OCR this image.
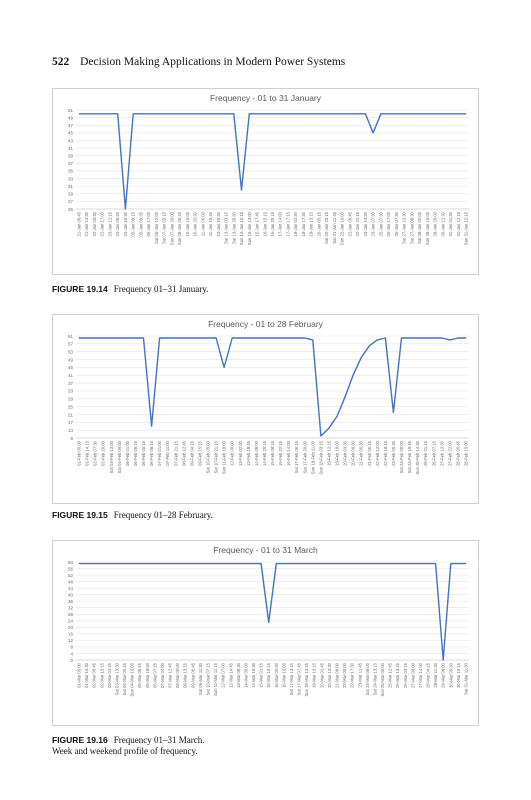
522 Decision Making Applications in Modern Power Systems
Frequency - 01 to 31 January
25
27
29
31
33
35
37
39
41
43
45
47
49
51
21-Jan 06:45 21-Jan 14:30 22-Jan 03:30 22-Jan 17:00 23-Jan 12:15 24-Jan 06:45 24-Jan 16:30 05-Jan 09:15 05-Jan 09:35 06-Jan 17:00 Sat 06-Jan 12:00 Sat 07-Jan 05:15 Sun 07-Jan 20:00 Sun 08-Jan 05:45 10-Jan 10:00 10-Jan 20:30 11-Jan 06:00 11-Jan 16:45 12-Jan 10:30 Sat 13-Jan 03:15 Sat 13-Jan 20:30 Sun 14-Jan 15:15 Sun 15-Jan 13:00 15-Jan 17:45 16-Jan 15:15 16-Jan 20:15 17-Jan 14:00 17-Jan 17:15 18-Jan 02:30 18-Jan 17:30 19-Jan 13:15 20-Jan 05:15 Sat 20-Jan 20:15 Sat 21-Jan 11:45 Sun 22-Jan 19:00 22-Jan 09:45 22-Jan 22:15 23-Jan 14:30 23-Jan 07:30 25-Jan 07:30 25-Jan 17:00 26-Jan 07:30 Sat 27-Jan 13:30 Sat 27-Jan 08:30 Sat 28-Jan 00:00 Sun 28-Jan 10:00 29-Jan 20:00 30-Jan 12:30 31-Jan 01:30 31-Jan 12:15 Sun 31-Jan 12:15
FIGURE 19.14 Frequency 01–31 January.
Frequency - 01 to 28 February
9
13
17
21
25
29
33
37
41
45
49
53
57
61
01-Feb 00:00 01-Feb 14:15 02-Feb 07:30 02-Feb 20:00 Sat 03-Feb 13:00 Sat 04-Feb 09:00 05-Feb 01:00 05-Feb 09:15 06-Feb 00:15 06-Feb 08:15 07-Feb 01:00 07-Feb 11:00 07-Feb 21:15 08-Feb 12:45 09-Feb 04:15 09-Feb 15:15 Sat 10-Feb 05:00 Sat 10-Feb 21:15 Sun 11-Feb 18:00 12-Feb 00:00 13-Feb 02:30 13-Feb 18:45 14-Feb 09:00 14-Feb 20:15 15-Feb 08:15 15-Feb 22:15 16-Feb 14:00 Sat 17-Feb 06:15 Sat 17-Feb 20:00 Sun 18-Feb 11:00 Sun 18-Feb 03:15 19-Feb 12:15 19-Feb 19:00 20-Feb 03:30 20-Feb 09:30 21-Feb 00:30 21-Feb 06:15 22-Feb 12:00 22-Feb 18:15 23-Feb 05:30 Sat 24-Feb 00:00 Sat 24-Feb 19:45 Sun 25-Feb 14:30 26-Feb 01:15 26-Feb 07:15 27-Feb 12:30 27-Feb 22:00 28-Feb 05:45 28-Feb 15:00
FIGURE 19.15 Frequency 01–28 February.
Frequency - 01 to 31 March
0
4
8
12
16
20
24
28
32
36
40
44
48
52
56
60
01-Mar 05:00 01-Mar 14:30 02-Mar 00:45 02-Mar 13:15 03-Mar 04:45 Sat 03-Mar 13:30 Sat 04-Mar 00:15 Sun 04-Mar 10:00 05-Mar 08:15 05-Mar 18:00 06-Mar 07:15 07-Mar 04:00 07-Mar 12:45 08-Mar 00:00 08-Mar 13:15 09-Mar 06:45 Sat 09-Mar 11:30 Sat 10-Mar 07:15 Sun 11-Mar 11:15 12-Mar 07:00 12-Mar 14:45 13-Mar 08:30 14-Mar 00:00 14-Mar 16:30 15-Mar 01:15 15-Mar 10:15 16-Mar 00:00 16-Mar 10:00 Sat 17-Mar 13:15 Sat 17-Mar 07:45 Sun 18-Mar 12:15 19-Mar 13:15 20-Mar 01:45 20-Mar 13:30 21-Mar 06:00 22-Mar 00:00 22-Mar 17:30 23-Mar 11:45 Sat 24-Mar 08:00 Sat 24-Mar 13:15 Sun 25-Mar 00:00 25-Mar 12:45 26-Mar 13:45 26-Mar 03:15 27-Mar 00:00 27-Mar 14:00 28-Mar 04:15 29-Mar 11:30 29-Mar 08:00 30-Mar 00:30 30-Mar 10:15 Sat 31-Mar 11:30
FIGURE 19.16 Frequency 01–31 March.
Week and weekend profile of frequency.
